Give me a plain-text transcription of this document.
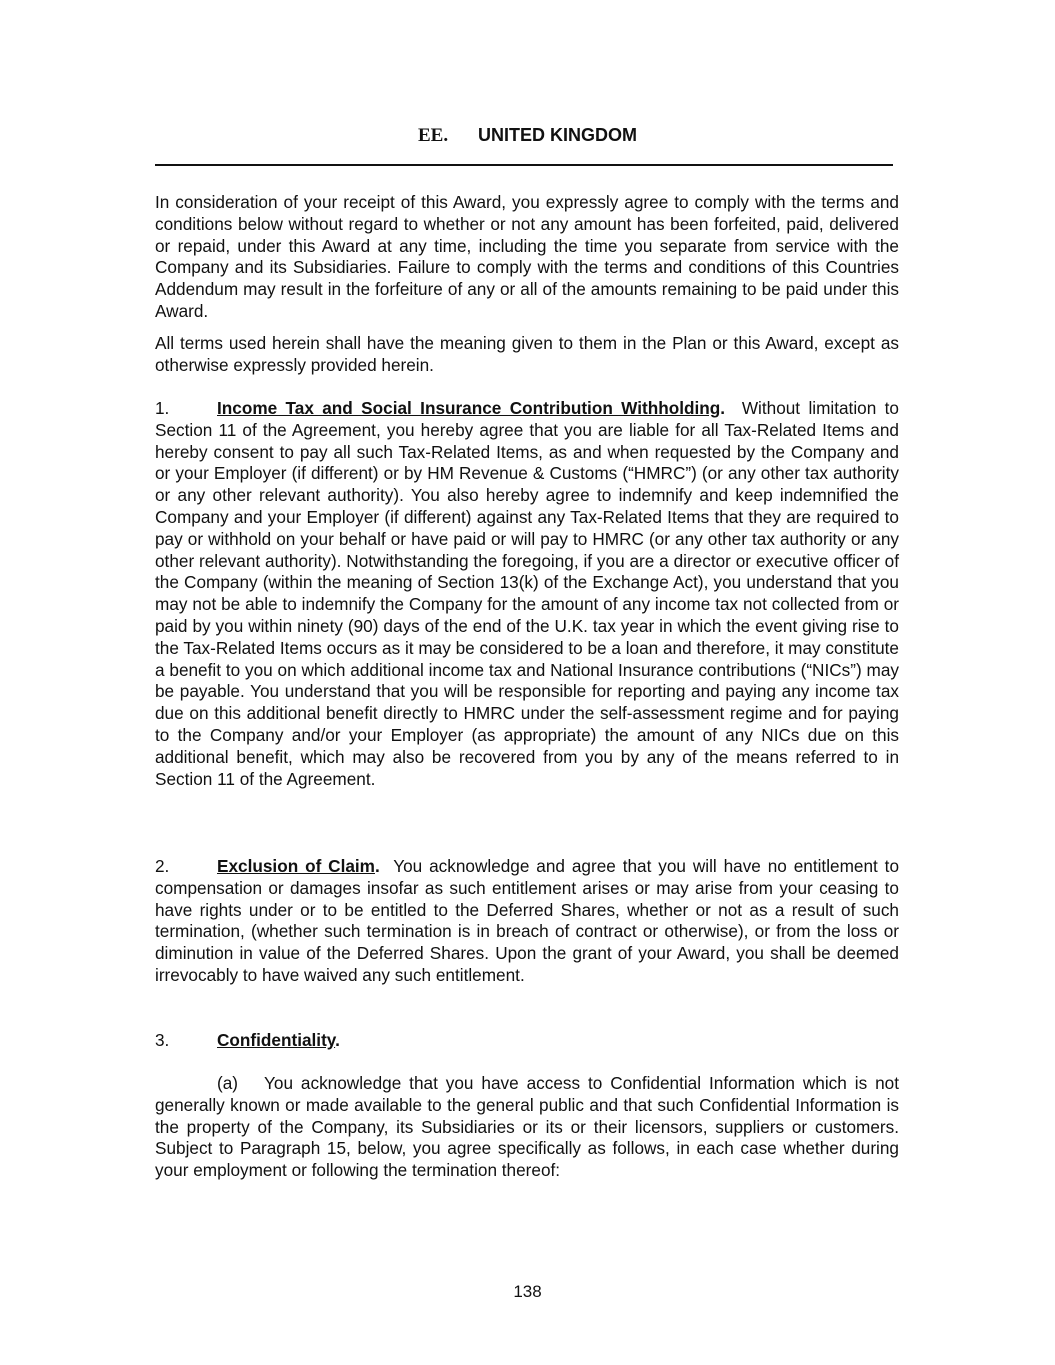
EE. UNITED KINGDOM

In consideration of your receipt of this Award, you expressly agree to comply with the terms and conditions below without regard to whether or not any amount has been forfeited, paid, delivered or repaid, under this Award at any time, including the time you separate from service with the Company and its Subsidiaries. Failure to comply with the terms and conditions of this Countries Addendum may result in the forfeiture of any or all of the amounts remaining to be paid under this Award.

All terms used herein shall have the meaning given to them in the Plan or this Award, except as otherwise expressly provided herein.

1.	Income Tax and Social Insurance Contribution Withholding. Without limitation to Section 11 of the Agreement, you hereby agree that you are liable for all Tax-Related Items and hereby consent to pay all such Tax-Related Items, as and when requested by the Company and or your Employer (if different) or by HM Revenue & Customs (“HMRC”) (or any other tax authority or any other relevant authority). You also hereby agree to indemnify and keep indemnified the Company and your Employer (if different) against any Tax-Related Items that they are required to pay or withhold on your behalf or have paid or will pay to HMRC (or any other tax authority or any other relevant authority). Notwithstanding the foregoing, if you are a director or executive officer of the Company (within the meaning of Section 13(k) of the Exchange Act), you understand that you may not be able to indemnify the Company for the amount of any income tax not collected from or paid by you within ninety (90) days of the end of the U.K. tax year in which the event giving rise to the Tax-Related Items occurs as it may be considered to be a loan and therefore, it may constitute a benefit to you on which additional income tax and National Insurance contributions (“NICs”) may be payable. You understand that you will be responsible for reporting and paying any income tax due on this additional benefit directly to HMRC under the self-assessment regime and for paying to the Company and/or your Employer (as appropriate) the amount of any NICs due on this additional benefit, which may also be recovered from you by any of the means referred to in Section 11 of the Agreement.

2.	Exclusion of Claim. You acknowledge and agree that you will have no entitlement to compensation or damages insofar as such entitlement arises or may arise from your ceasing to have rights under or to be entitled to the Deferred Shares, whether or not as a result of such termination, (whether such termination is in breach of contract or otherwise), or from the loss or diminution in value of the Deferred Shares. Upon the grant of your Award, you shall be deemed irrevocably to have waived any such entitlement.

3.	Confidentiality.

(a) You acknowledge that you have access to Confidential Information which is not generally known or made available to the general public and that such Confidential Information is the property of the Company, its Subsidiaries or its or their licensors, suppliers or customers. Subject to Paragraph 15, below, you agree specifically as follows, in each case whether during your employment or following the termination thereof:

138
